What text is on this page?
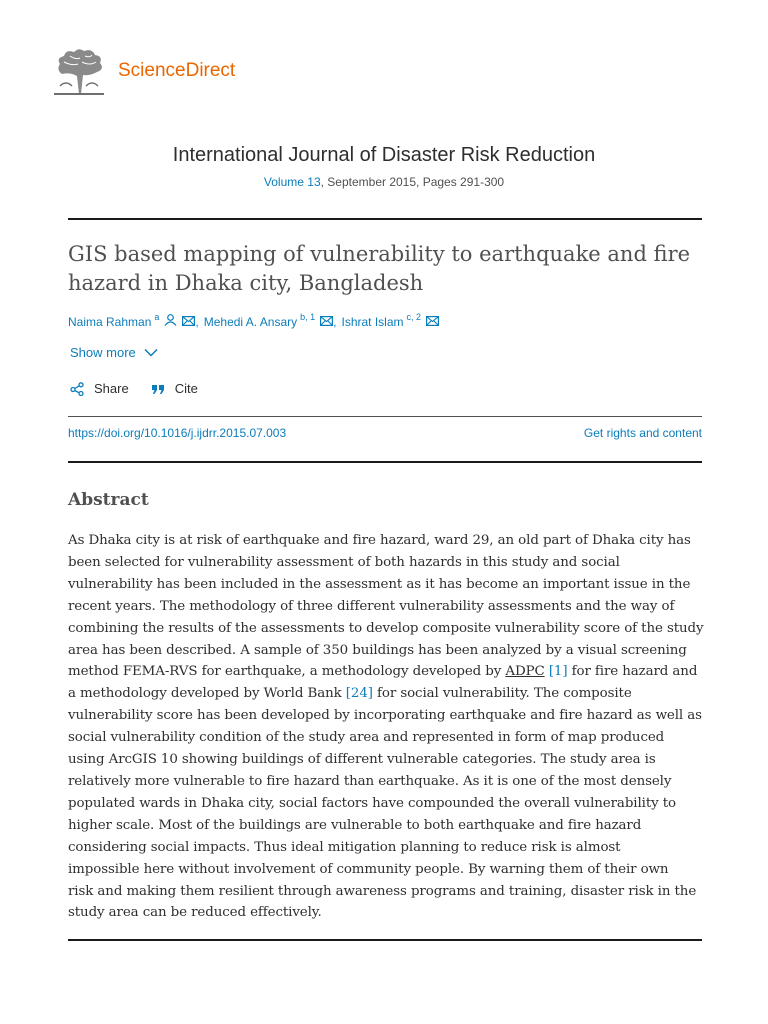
ScienceDirect
International Journal of Disaster Risk Reduction
Volume 13, September 2015, Pages 291-300
GIS based mapping of vulnerability to earthquake and fire
hazard in Dhaka city, Bangladesh
Naima Rahman $^a$	, Mehedi A. Ansary $^{b, 1}$ , Ishrat Islam $^{c, 2}$
Show more
Share	Cite
https://doi.org/10.1016/j.ijdrr.2015.07.003	Get rights and content
Abstract
As Dhaka city is at risk of earthquake and fire hazard, ward 29, an old part of Dhaka city has
been selected for vulnerability assessment of both hazards in this study and social
vulnerability has been included in the assessment as it has become an important issue in the
recent years. The methodology of three different vulnerability assessments and the way of
combining the results of the assessments to develop composite vulnerability score of the study
area has been described. A sample of 350 buildings has been analyzed by a visual screening
method FEMA-RVS for earthquake, a methodology developed by ADPC [1] for fire hazard and
a methodology developed by World Bank [24] for social vulnerability. The composite
vulnerability score has been developed by incorporating earthquake and fire hazard as well as
social vulnerability condition of the study area and represented in form of map produced
using ArcGIS 10 showing buildings of different vulnerable categories. The study area is
relatively more vulnerable to fire hazard than earthquake. As it is one of the most densely
populated wards in Dhaka city, social factors have compounded the overall vulnerability to
higher scale. Most of the buildings are vulnerable to both earthquake and fire hazard
considering social impacts. Thus ideal mitigation planning to reduce risk is almost
impossible here without involvement of community people. By warning them of their own
risk and making them resilient through awareness programs and training, disaster risk in the
study area can be reduced effectively.
